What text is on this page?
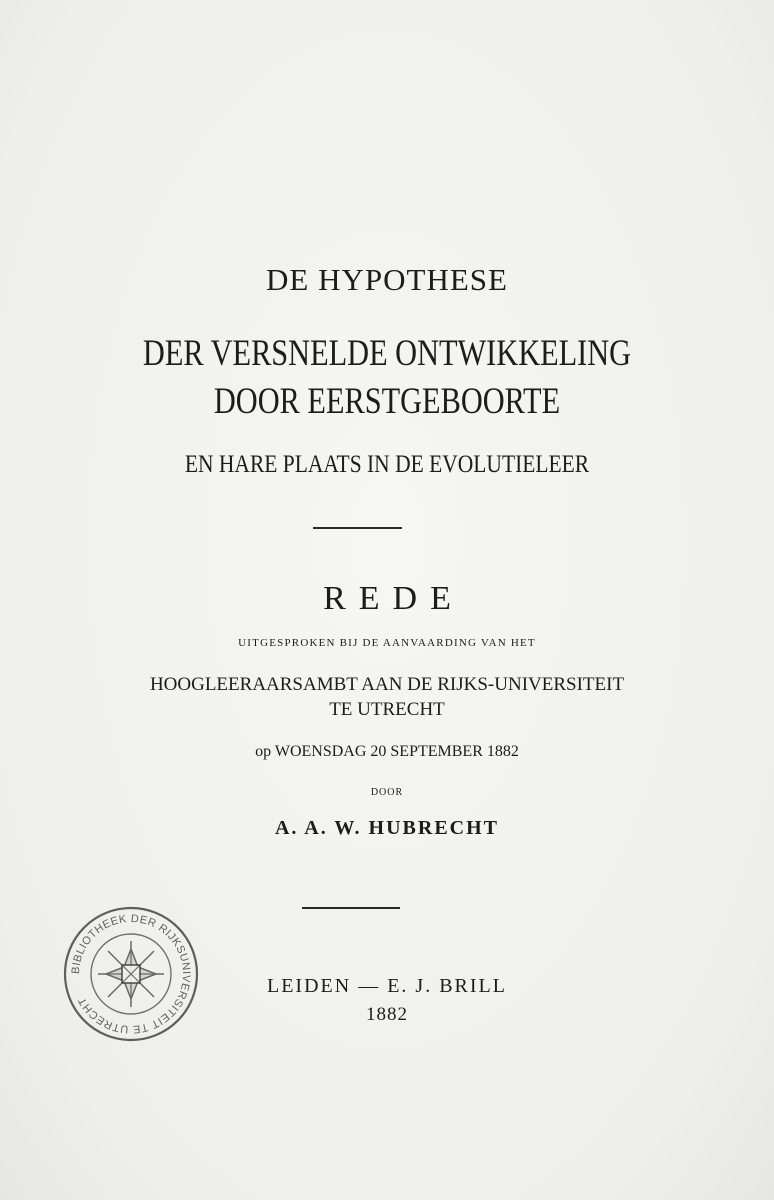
DE HYPOTHESE
DER VERSNELDE ONTWIKKELING
DOOR EERSTGEBOORTE
EN HARE PLAATS IN DE EVOLUTIELEER
REDE
UITGESPROKEN BIJ DE AANVAARDING VAN HET
HOOGLEERAARSAMBT AAN DE RIJKS-UNIVERSITEIT
TE UTRECHT
op WOENSDAG 20 SEPTEMBER 1882
DOOR
A. A. W. HUBRECHT
BIBLIOTHEEK DER RIJKSUNIVERSITEIT TE UTRECHT
LEIDEN — E. J. BRILL
1882
